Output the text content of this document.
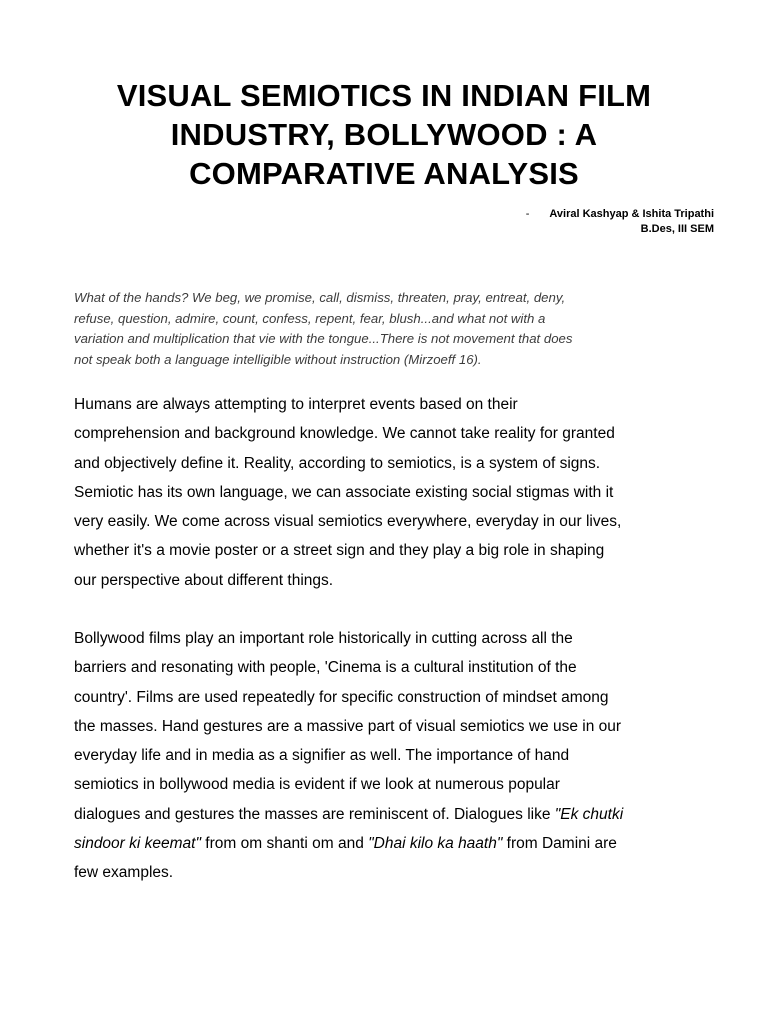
VISUAL SEMIOTICS IN INDIAN FILM
INDUSTRY, BOLLYWOOD : A
COMPARATIVE ANALYSIS
- Aviral Kashyap & Ishita Tripathi
B.Des, III SEM

What of the hands? We beg, we promise, call, dismiss, threaten, pray, entreat, deny,
refuse, question, admire, count, confess, repent, fear, blush...and what not with a
variation and multiplication that vie with the tongue...There is not movement that does
not speak both a language intelligible without instruction (Mirzoeff 16).

Humans are always attempting to interpret events based on their
comprehension and background knowledge. We cannot take reality for granted
and objectively define it. Reality, according to semiotics, is a system of signs.
Semiotic has its own language, we can associate existing social stigmas with it
very easily. We come across visual semiotics everywhere, everyday in our lives,
whether it's a movie poster or a street sign and they play a big role in shaping
our perspective about different things.

Bollywood films play an important role historically in cutting across all the
barriers and resonating with people, 'Cinema is a cultural institution of the
country'. Films are used repeatedly for specific construction of mindset among
the masses. Hand gestures are a massive part of visual semiotics we use in our
everyday life and in media as a signifier as well. The importance of hand
semiotics in bollywood media is evident if we look at numerous popular
dialogues and gestures the masses are reminiscent of. Dialogues like "Ek chutki
sindoor ki keemat" from om shanti om and "Dhai kilo ka haath" from Damini are
few examples.
